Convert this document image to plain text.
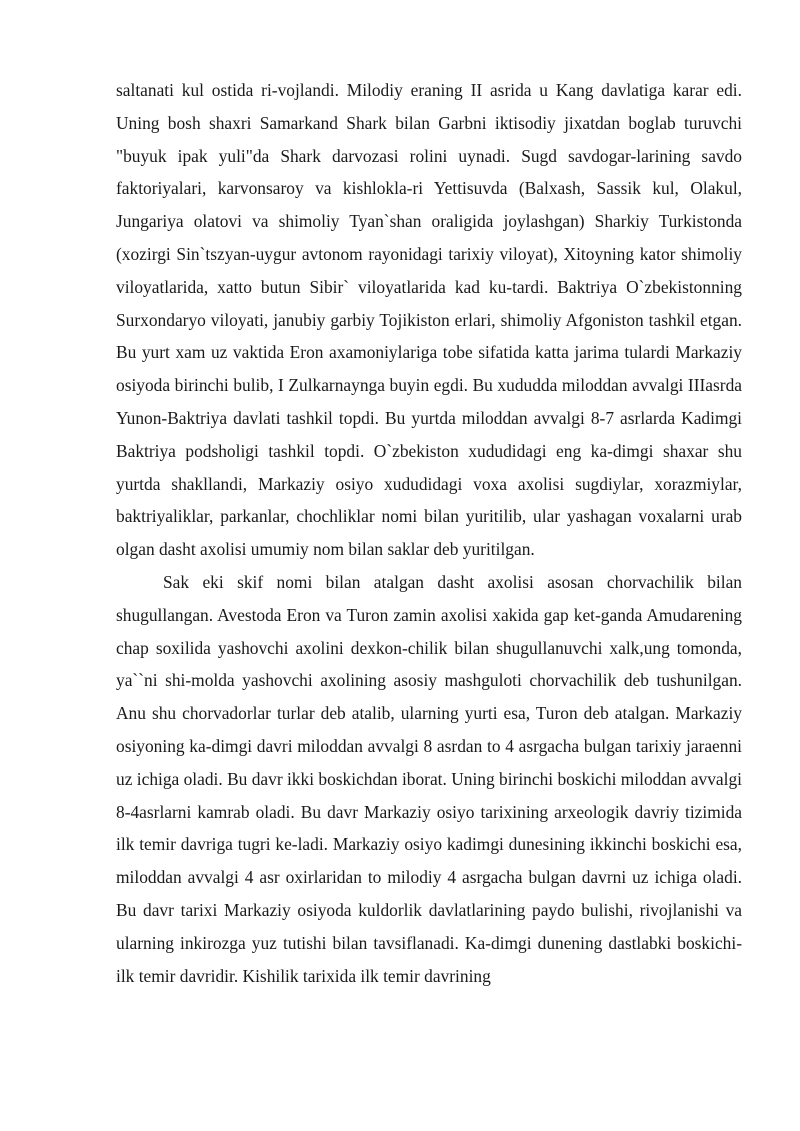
saltanati kul ostida ri-vojlandi. Milodiy eraning II asrida u Kang davlatiga karar edi. Uning bosh shaxri Samarkand Shark bilan Garbni iktisodiy jixatdan boglab turuvchi "buyuk ipak yuli"da Shark darvozasi rolini uynadi. Sugd savdogar-larining savdo faktoriyalari, karvonsaroy va kishlokla-ri Yettisuvda (Balxash, Sassik kul, Olakul, Jungariya olatovi va shimoliy Tyan`shan oraligida joylashgan) Sharkiy Turkistonda (xozirgi Sin`tszyan-uygur avtonom rayonidagi tarixiy viloyat), Xitoyning kator shimoliy viloyatlarida, xatto butun Sibir` viloyatlarida kad ku-tardi. Baktriya O`zbekistonning Surxondaryo viloyati, janubiy garbiy Tojikiston erlari, shimoliy Afgoniston tashkil etgan. Bu yurt xam uz vaktida Eron axamoniylariga tobe sifatida katta jarima tulardi Markaziy osiyoda birinchi bulib, I Zulkarnaynga buyin egdi. Bu xududda miloddan avvalgi IIIasrda Yunon-Baktriya davlati tashkil topdi. Bu yurtda miloddan avvalgi 8-7 asrlarda Kadimgi Baktriya podsholigi tashkil topdi. O`zbekiston xududidagi eng ka-dimgi shaxar shu yurtda shakllandi, Markaziy osiyo xududidagi voxa axolisi sugdiylar, xorazmiylar, baktriyaliklar, parkanlar, chochliklar nomi bilan yuritilib, ular yashagan voxalarni urab olgan dasht axolisi umumiy nom bilan saklar deb yuritilgan.

Sak eki skif nomi bilan atalgan dasht axolisi asosan chorvachilik bilan shugullangan. Avestoda Eron va Turon zamin axolisi xakida gap ket-ganda Amudarening chap soxilida yashovchi axolini dexkon-chilik bilan shugullanuvchi xalk,ung tomonda, ya``ni shi-molda yashovchi axolining asosiy mashguloti chorvachilik deb tushunilgan. Anu shu chorvadorlar turlar deb atalib, ularning yurti esa, Turon deb atalgan. Markaziy osiyoning ka-dimgi davri miloddan avvalgi 8 asrdan to 4 asrgacha bulgan tarixiy jaraenni uz ichiga oladi. Bu davr ikki boskichdan iborat. Uning birinchi boskichi miloddan avvalgi 8-4asrlarni kamrab oladi. Bu davr Markaziy osiyo tarixining arxeologik davriy tizimida ilk temir davriga tugri ke-ladi. Markaziy osiyo kadimgi dunesining ikkinchi boskichi esa, miloddan avvalgi 4 asr oxirlaridan to milodiy 4 asrgacha bulgan davrni uz ichiga oladi. Bu davr tarixi Markaziy osiyoda kuldorlik davlatlarining paydo bulishi, rivojlanishi va ularning inkirozga yuz tutishi bilan tavsiflanadi. Ka-dimgi dunening dastlabki boskichi-ilk temir davridir. Kishilik tarixida ilk temir davrining
